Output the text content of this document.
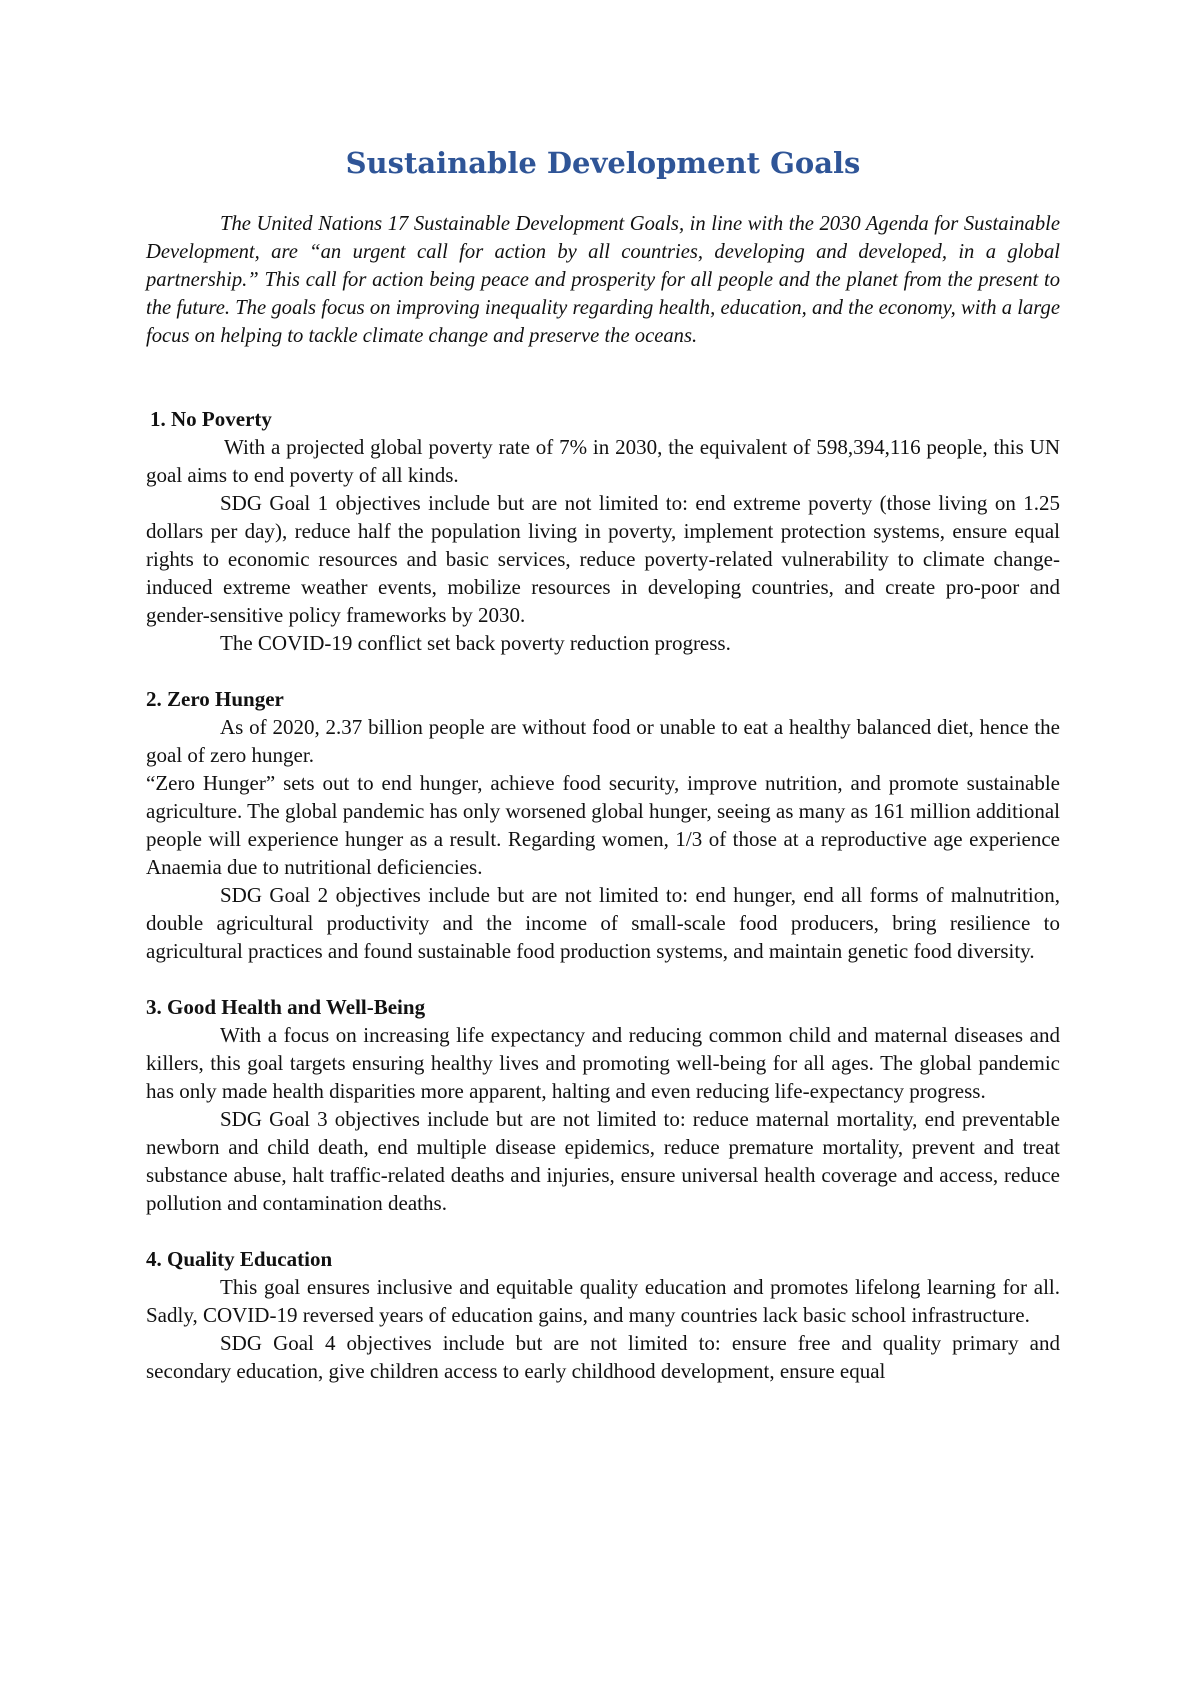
Sustainable Development Goals

The United Nations 17 Sustainable Development Goals, in line with the 2030 Agenda for Sustainable Development, are “an urgent call for action by all countries, developing and developed, in a global partnership.” This call for action being peace and prosperity for all people and the planet from the present to the future. The goals focus on improving inequality regarding health, education, and the economy, with a large focus on helping to tackle climate change and preserve the oceans.

1. No Poverty

With a projected global poverty rate of 7% in 2030, the equivalent of 598,394,116 people, this UN goal aims to end poverty of all kinds.

SDG Goal 1 objectives include but are not limited to: end extreme poverty (those living on 1.25 dollars per day), reduce half the population living in poverty, implement protection systems, ensure equal rights to economic resources and basic services, reduce poverty-related vulnerability to climate change-induced extreme weather events, mobilize resources in developing countries, and create pro-poor and gender-sensitive policy frameworks by 2030.

The COVID-19 conflict set back poverty reduction progress.

2. Zero Hunger

As of 2020, 2.37 billion people are without food or unable to eat a healthy balanced diet, hence the goal of zero hunger.

“Zero Hunger” sets out to end hunger, achieve food security, improve nutrition, and promote sustainable agriculture. The global pandemic has only worsened global hunger, seeing as many as 161 million additional people will experience hunger as a result. Regarding women, 1/3 of those at a reproductive age experience Anaemia due to nutritional deficiencies.

SDG Goal 2 objectives include but are not limited to: end hunger, end all forms of malnutrition, double agricultural productivity and the income of small-scale food producers, bring resilience to agricultural practices and found sustainable food production systems, and maintain genetic food diversity.

3. Good Health and Well-Being

With a focus on increasing life expectancy and reducing common child and maternal diseases and killers, this goal targets ensuring healthy lives and promoting well-being for all ages. The global pandemic has only made health disparities more apparent, halting and even reducing life-expectancy progress.

SDG Goal 3 objectives include but are not limited to: reduce maternal mortality, end preventable newborn and child death, end multiple disease epidemics, reduce premature mortality, prevent and treat substance abuse, halt traffic-related deaths and injuries, ensure universal health coverage and access, reduce pollution and contamination deaths.

4. Quality Education

This goal ensures inclusive and equitable quality education and promotes lifelong learning for all. Sadly, COVID-19 reversed years of education gains, and many countries lack basic school infrastructure.

SDG Goal 4 objectives include but are not limited to: ensure free and quality primary and secondary education, give children access to early childhood development, ensure equal
